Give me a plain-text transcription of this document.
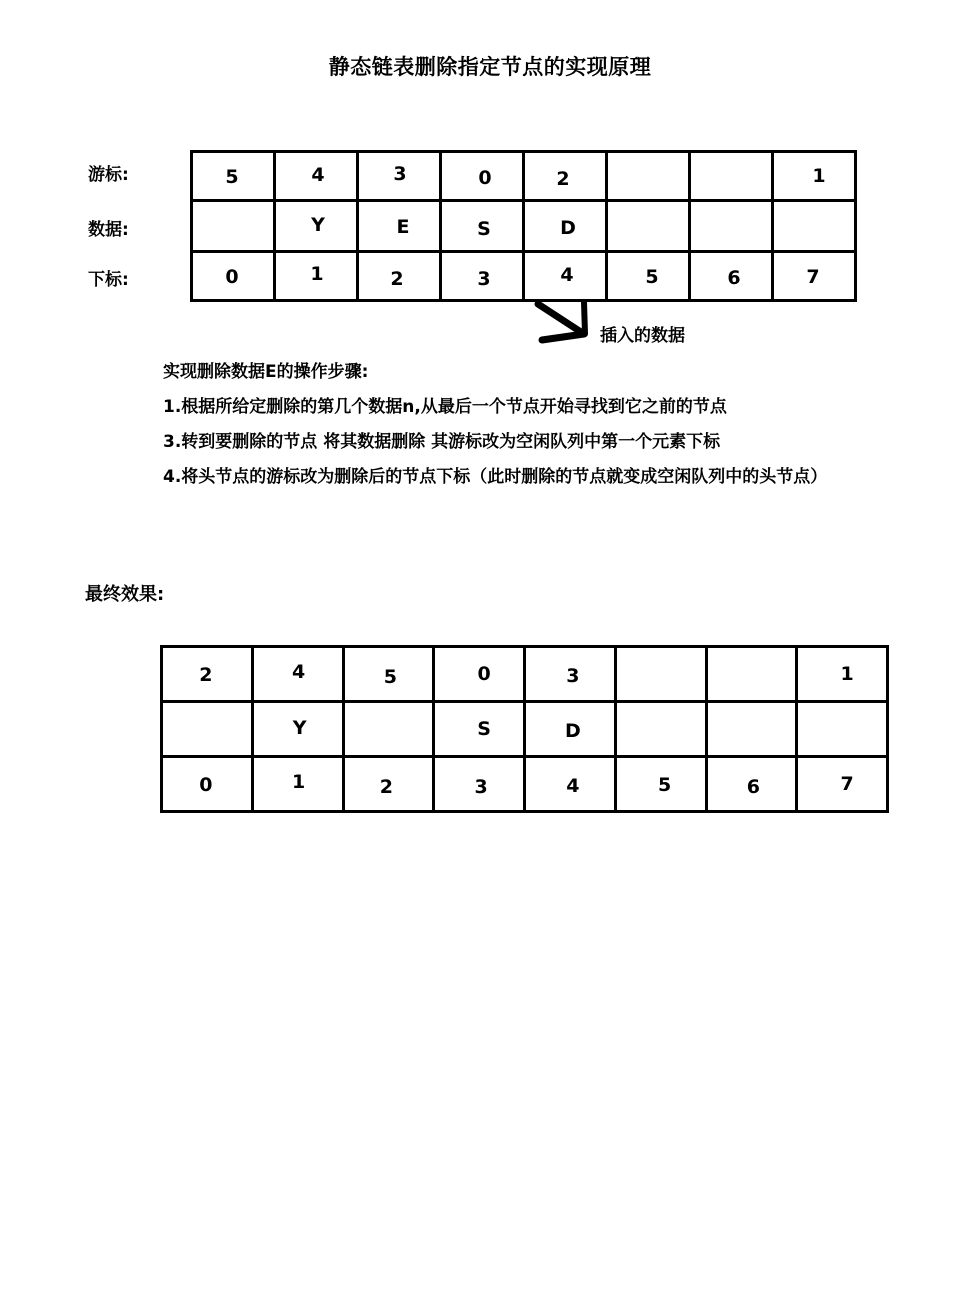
静态链表删除指定节点的实现原理
游标:
数据:
下标:
5	4	3	0	2			1
	Y	E	S	D			
0	1	2	3	4	5	6	7
插入的数据

实现删除数据E的操作步骤:

1.根据所给定删除的第几个数据n,从最后一个节点开始寻找到它之前的节点

3.转到要删除的节点 将其数据删除 其游标改为空闲队列中第一个元素下标

4.将头节点的游标改为删除后的节点下标（此时删除的节点就变成空闲队列中的头节点）

最终效果:
2	4	5	0	3			1
	Y		S	D			
0	1	2	3	4	5	6	7
